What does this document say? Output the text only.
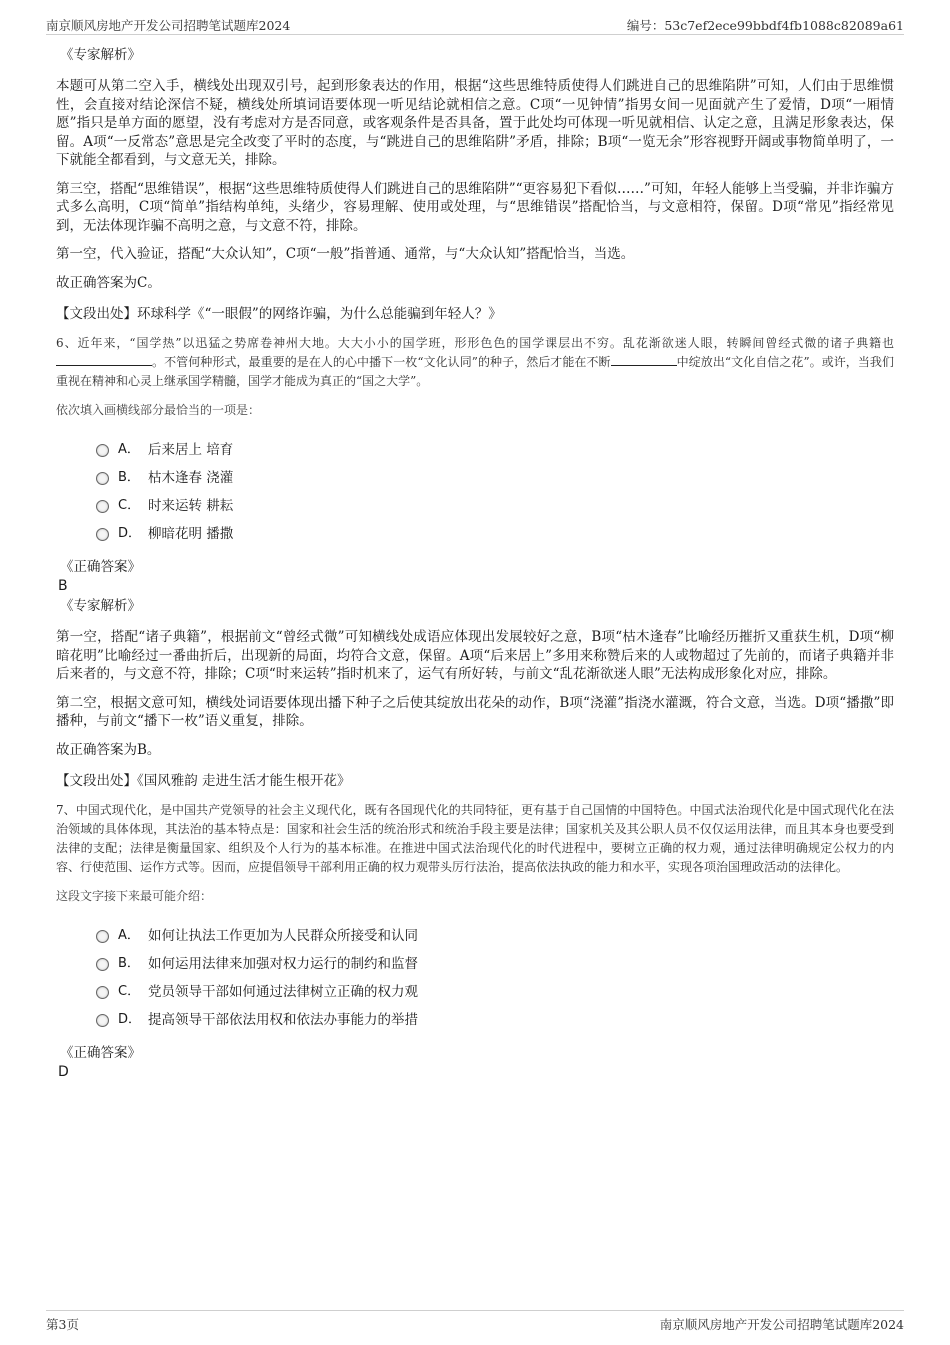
南京顺风房地产开发公司招聘笔试题库2024	编号：53c7ef2ece99bbdf4fb1088c82089a61

《专家解析》

本题可从第二空入手，横线处出现双引号，起到形象表达的作用，根据“这些思维特质使得人们跳进自己的思维陷阱”可知，人们由于思维惯性，会直接对结论深信不疑，横线处所填词语要体现一听见结论就相信之意。C项“一见钟情”指男女间一见面就产生了爱情，D项“一厢情愿”指只是单方面的愿望，没有考虑对方是否同意，或客观条件是否具备，置于此处均可体现一听见就相信、认定之意，且满足形象表达，保留。A项“一反常态”意思是完全改变了平时的态度，与“跳进自己的思维陷阱”矛盾，排除；B项“一览无余”形容视野开阔或事物简单明了，一下就能全都看到，与文意无关，排除。

第三空，搭配“思维错误”，根据“这些思维特质使得人们跳进自己的思维陷阱”“更容易犯下看似……”可知，年轻人能够上当受骗，并非诈骗方式多么高明，C项“简单”指结构单纯，头绪少，容易理解、使用或处理，与“思维错误”搭配恰当，与文意相符，保留。D项“常见”指经常见到，无法体现诈骗不高明之意，与文意不符，排除。

第一空，代入验证，搭配“大众认知”，C项“一般”指普通、通常，与“大众认知”搭配恰当，当选。

故正确答案为C。

【文段出处】环球科学《“一眼假”的网络诈骗，为什么总能骗到年轻人？》

6、近年来，“国学热”以迅猛之势席卷神州大地。大大小小的国学班，形形色色的国学课层出不穷。乱花渐欲迷人眼，转瞬间曾经式微的诸子典籍也。不管何种形式，最重要的是在人的心中播下一枚“文化认同”的种子，然后才能在不断	中绽放出“文化自信之花”。或许，当我们重视在精神和心灵上继承国学精髓，国学才能成为真正的“国之大学”。

依次填入画横线部分最恰当的一项是：

A． 后来居上 培育
B． 枯木逢春 浇灌
C． 时来运转 耕耘
D． 柳暗花明 播撒

《正确答案》

B

《专家解析》

第一空，搭配“诸子典籍”，根据前文“曾经式微”可知横线处成语应体现出发展较好之意，B项“枯木逢春”比喻经历摧折又重获生机，D项“柳暗花明”比喻经过一番曲折后，出现新的局面，均符合文意，保留。A项“后来居上”多用来称赞后来的人或物超过了先前的，而诸子典籍并非后来者的，与文意不符，排除；C项“时来运转”指时机来了，运气有所好转，与前文“乱花渐欲迷人眼”无法构成形象化对应，排除。

第二空，根据文意可知，横线处词语要体现出播下种子之后使其绽放出花朵的动作，B项“浇灌”指浇水灌溉，符合文意，当选。D项“播撒”即播种，与前文“播下一枚”语义重复，排除。

故正确答案为B。

【文段出处】《国风雅韵 走进生活才能生根开花》

7、中国式现代化，是中国共产党领导的社会主义现代化，既有各国现代化的共同特征，更有基于自己国情的中国特色。中国式法治现代化是中国式现代化在法治领域的具体体现，其法治的基本特点是：国家和社会生活的统治形式和统治手段主要是法律；国家机关及其公职人员不仅仅运用法律，而且其本身也要受到法律的支配；法律是衡量国家、组织及个人行为的基本标准。在推进中国式法治现代化的时代进程中，要树立正确的权力观，通过法律明确规定公权力的内容、行使范围、运作方式等。因而，应提倡领导干部利用正确的权力观带头厉行法治，提高依法执政的能力和水平，实现各项治国理政活动的法律化。

这段文字接下来最可能介绍：

A． 如何让执法工作更加为人民群众所接受和认同
B． 如何运用法律来加强对权力运行的制约和监督
C． 党员领导干部如何通过法律树立正确的权力观
D． 提高领导干部依法用权和依法办事能力的举措

《正确答案》

D

第3页	南京顺风房地产开发公司招聘笔试题库2024
